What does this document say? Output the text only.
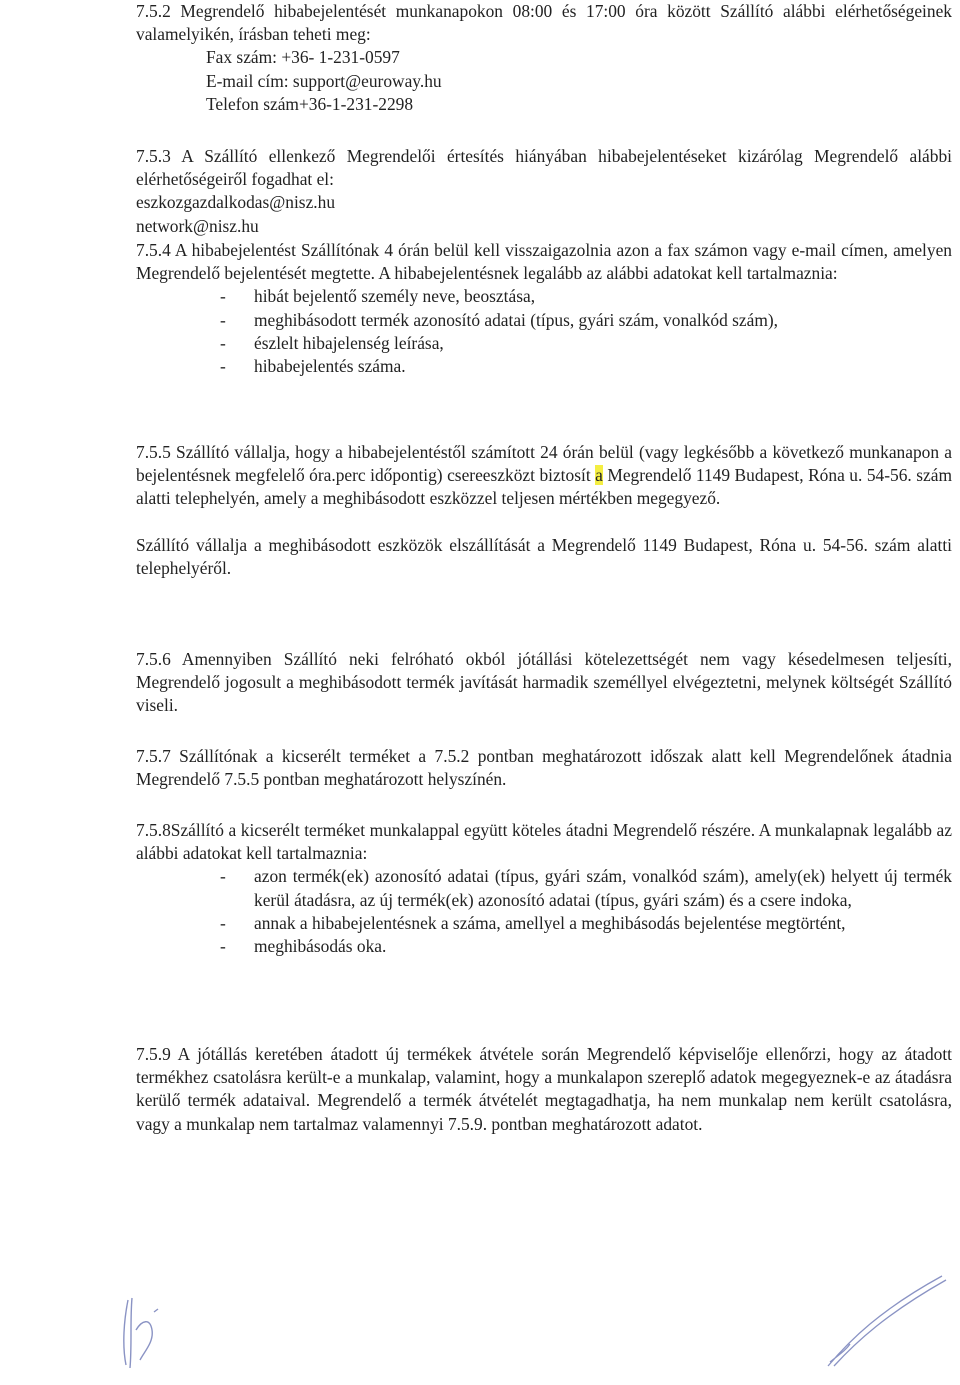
7.5.2 Megrendelő hibabejelentését munkanapokon 08:00 és 17:00 óra között Szállító alábbi elérhetőségeinek valamelyikén, írásban teheti meg:

Fax szám: +36- 1-231-0597
E-mail cím: support@euroway.hu
Telefon szám+36-1-231-2298

7.5.3 A Szállító ellenkező Megrendelői értesítés hiányában hibabejelentéseket kizárólag Megrendelő alábbi elérhetőségeiről fogadhat el:

eszkozgazdalkodas@nisz.hu
network@nisz.hu

7.5.4 A hibabejelentést Szállítónak 4 órán belül kell visszaigazolnia azon a fax számon vagy e-mail címen, amelyen Megrendelő bejelentését megtette. A hibabejelentésnek legalább az alábbi adatokat kell tartalmaznia:

- hibát bejelentő személy neve, beosztása,
- meghibásodott termék azonosító adatai (típus, gyári szám, vonalkód szám),
- észlelt hibajelenség leírása,
- hibabejelentés száma.

7.5.5 Szállító vállalja, hogy a hibabejelentéstől számított 24 órán belül (vagy legkésőbb a következő munkanapon a bejelentésnek megfelelő óra.perc időpontig) csereeszközt biztosít a Megrendelő 1149 Budapest, Róna u. 54-56. szám alatti telephelyén, amely a meghibásodott eszközzel teljesen mértékben megegyező.

Szállító vállalja a meghibásodott eszközök elszállítását a Megrendelő 1149 Budapest, Róna u. 54-56. szám alatti telephelyéről.

7.5.6 Amennyiben Szállító neki felróható okból jótállási kötelezettségét nem vagy késedelmesen teljesíti, Megrendelő jogosult a meghibásodott termék javítását harmadik személlyel elvégeztetni, melynek költségét Szállító viseli.

7.5.7 Szállítónak a kicserélt terméket a 7.5.2 pontban meghatározott időszak alatt kell Megrendelőnek átadnia Megrendelő 7.5.5 pontban meghatározott helyszínén.

7.5.8Szállító a kicserélt terméket munkalappal együtt köteles átadni Megrendelő részére. A munkalapnak legalább az alábbi adatokat kell tartalmaznia:

- azon termék(ek) azonosító adatai (típus, gyári szám, vonalkód szám), amely(ek) helyett új termék kerül átadásra, az új termék(ek) azonosító adatai (típus, gyári szám) és a csere indoka,
- annak a hibabejelentésnek a száma, amellyel a meghibásodás bejelentése megtörtént,
- meghibásodás oka.

7.5.9 A jótállás keretében átadott új termékek átvétele során Megrendelő képviselője ellenőrzi, hogy az átadott termékhez csatolásra került-e a munkalap, valamint, hogy a munkalapon szereplő adatok megegyeznek-e az átadásra kerülő termék adataival. Megrendelő a termék átvételét megtagadhatja, ha nem munkalap nem került csatolásra, vagy a munkalap nem tartalmaz valamennyi 7.5.9. pontban meghatározott adatot.
